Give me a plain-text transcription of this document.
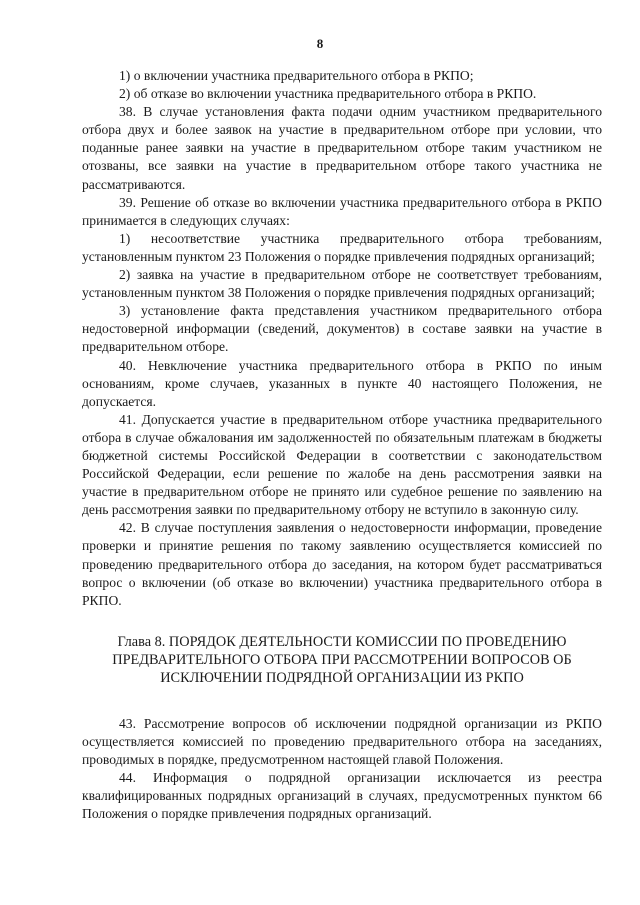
8

1) о включении участника предварительного отбора в РКПО;

2) об отказе во включении участника предварительного отбора в РКПО.

38. В случае установления факта подачи одним участником предварительного отбора двух и более заявок на участие в предварительном отборе при условии, что поданные ранее заявки на участие в предварительном отборе таким участником не отозваны, все заявки на участие в предварительном отборе такого участника не рассматриваются.

39. Решение об отказе во включении участника предварительного отбора в РКПО принимается в следующих случаях:

1) несоответствие участника предварительного отбора требованиям, установленным пунктом 23 Положения о порядке привлечения подрядных организаций;

2) заявка на участие в предварительном отборе не соответствует требованиям, установленным пунктом 38 Положения о порядке привлечения подрядных организаций;

3) установление факта представления участником предварительного отбора недостоверной информации (сведений, документов) в составе заявки на участие в предварительном отборе.

40. Невключение участника предварительного отбора в РКПО по иным основаниям, кроме случаев, указанных в пункте 40 настоящего Положения, не допускается.

41. Допускается участие в предварительном отборе участника предварительного отбора в случае обжалования им задолженностей по обязательным платежам в бюджеты бюджетной системы Российской Федерации в соответствии с законодательством Российской Федерации, если решение по жалобе на день рассмотрения заявки на участие в предварительном отборе не принято или судебное решение по заявлению на день рассмотрения заявки по предварительному отбору не вступило в законную силу.

42. В случае поступления заявления о недостоверности информации, проведение проверки и принятие решения по такому заявлению осуществляется комиссией по проведению предварительного отбора до заседания, на котором будет рассматриваться вопрос о включении (об отказе во включении) участника предварительного отбора в РКПО.

Глава 8. ПОРЯДОК ДЕЯТЕЛЬНОСТИ КОМИССИИ ПО ПРОВЕДЕНИЮ
ПРЕДВАРИТЕЛЬНОГО ОТБОРА ПРИ РАССМОТРЕНИИ ВОПРОСОВ ОБ
ИСКЛЮЧЕНИИ ПОДРЯДНОЙ ОРГАНИЗАЦИИ ИЗ РКПО

43. Рассмотрение вопросов об исключении подрядной организации из РКПО осуществляется комиссией по проведению предварительного отбора на заседаниях, проводимых в порядке, предусмотренном настоящей главой Положения.

44. Информация о подрядной организации исключается из реестра квалифицированных подрядных организаций в случаях, предусмотренных пунктом 66 Положения о порядке привлечения подрядных организаций.
